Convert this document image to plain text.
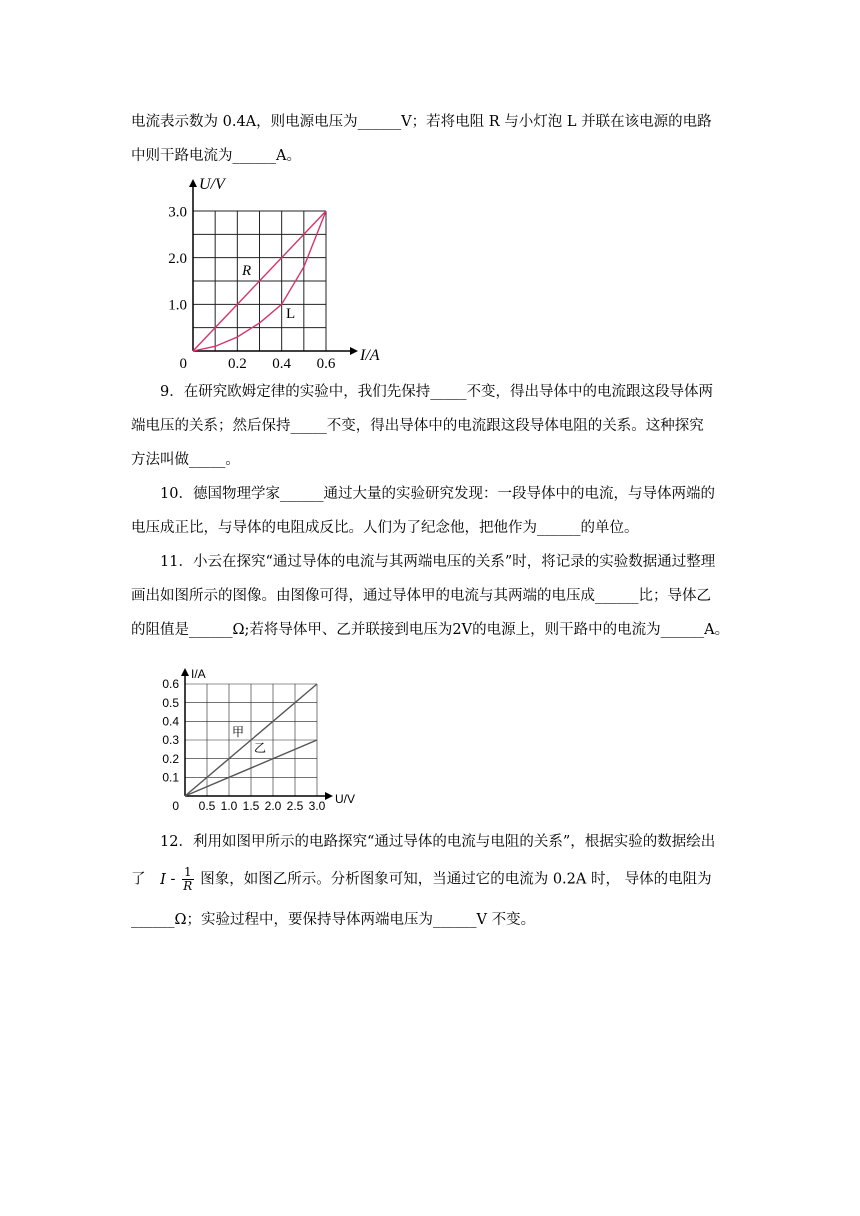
电流表示数为 0.4A，则电源电压为______V；若将电阻 R 与小灯泡 L 并联在该电源的电路
中则干路电流为______A。
0.2 0.4 0.6
1.0
2.0
3.0
0	I/A
U/V
R
L
9．在研究欧姆定律的实验中，我们先保持_____不变，得出导体中的电流跟这段导体两
端电压的关系；然后保持_____不变，得出导体中的电流跟这段导体电阻的关系。这种探究
方法叫做_____。
10．德国物理学家______通过大量的实验研究发现：一段导体中的电流，与导体两端的
电压成正比，与导体的电阻成反比。人们为了纪念他，把他作为______的单位。
11．小云在探究“通过导体的电流与其两端电压的关系”时，将记录的实验数据通过整理
画出如图所示的图像。由图像可得，通过导体甲的电流与其两端的电压成______比；导体乙
的阻值是______Ω;若将导体甲、乙并联接到电压为2V的电源上，则干路中的电流为______A。
0.5 1.0 1.5 2.0 2.5 3.0
0.1
0.2
0.3
0.4
0.5
0.6
0	U/V
I/A
甲
乙
12．利用如图甲所示的电路探究“通过导体的电流与电阻的关系”，根据实验的数据绘出
了 I - $\frac{1}{R}$ 图象，如图乙所示。分析图象可知，当通过它的电流为 0.2A 时， 导体的电阻为
______Ω；实验过程中，要保持导体两端电压为______V 不变。
